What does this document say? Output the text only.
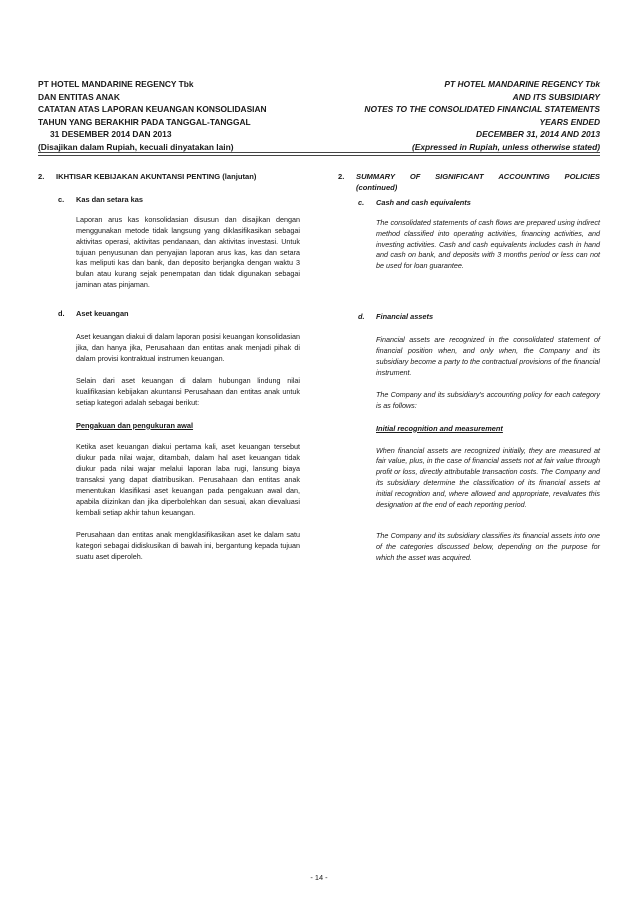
PT HOTEL MANDARINE REGENCY Tbk
DAN ENTITAS ANAK
CATATAN ATAS LAPORAN KEUANGAN KONSOLIDASIAN
TAHUN YANG BERAKHIR PADA TANGGAL-TANGGAL
31 DESEMBER 2014 DAN 2013
(Disajikan dalam Rupiah, kecuali dinyatakan lain)
PT HOTEL MANDARINE REGENCY Tbk
AND ITS SUBSIDIARY
NOTES TO THE CONSOLIDATED FINANCIAL STATEMENTS
YEARS ENDED
DECEMBER 31, 2014 AND 2013
(Expressed in Rupiah, unless otherwise stated)
2.	IKHTISAR KEBIJAKAN AKUNTANSI PENTING (lanjutan)
c.	Kas dan setara kas
Laporan arus kas konsolidasian disusun dan disajikan dengan menggunakan metode tidak langsung yang diklasifikasikan sebagai aktivitas operasi, aktivitas pendanaan, dan aktivitas investasi. Untuk tujuan penyusunan dan penyajian laporan arus kas, kas dan setara kas meliputi kas dan bank, dan deposito berjangka dengan waktu 3 bulan atau kurang sejak penempatan dan tidak digunakan sebagai jaminan atas pinjaman.
d.	Aset keuangan
Aset keuangan diakui di dalam laporan posisi keuangan konsolidasian jika, dan hanya jika, Perusahaan dan entitas anak menjadi pihak di dalam provisi kontraktual instrumen keuangan.
Selain dari aset keuangan di dalam hubungan lindung nilai kualifikasian kebijakan akuntansi Perusahaan dan entitas anak untuk setiap kategori adalah sebagai berikut:
Pengakuan dan pengukuran awal
Ketika aset keuangan diakui pertama kali, aset keuangan tersebut diukur pada nilai wajar, ditambah, dalam hal aset keuangan tidak diukur pada nilai wajar melalui laporan laba rugi, lansung biaya transaksi yang dapat diatribusikan. Perusahaan dan entitas anak menentukan klasifikasi aset keuangan pada pengakuan awal dan, apabila diizinkan dan jika diperbolehkan dan sesuai, akan dievaluasi kembali setiap akhir tahun keuangan.
Perusahaan dan entitas anak mengklasifikasikan aset ke dalam satu kategori sebagai didiskusikan di bawah ini, bergantung kepada tujuan suatu aset diperoleh.
2.	SUMMARY OF SIGNIFICANT ACCOUNTING POLICIES
(continued)
c.	Cash and cash equivalents
The consolidated statements of cash flows are prepared using indirect method classified into operating activities, financing activities, and investing activities. Cash and cash equivalents includes cash in hand and cash on bank, and deposits with 3 months period or less can not be used for loan guarantee.
d.	Financial assets
Financial assets are recognized in the consolidated statement of financial position when, and only when, the Company and its subsidiary become a party to the contractual provisions of the financial instrument.
The Company and its subsidiary's accounting policy for each category is as follows:
Initial recognition and measurement
When financial assets are recognized initially, they are measured at fair value, plus, in the case of financial assets not at fair value through profit or loss, directly attributable transaction costs. The Company and its subsidiary determine the classification of its financial assets at initial recognition and, where allowed and appropriate, revaluates this designation at the end of each reporting period.
The Company and its subsidiary classifies its financial assets into one of the categories discussed below, depending on the purpose for which the asset was acquired.
- 14 -
